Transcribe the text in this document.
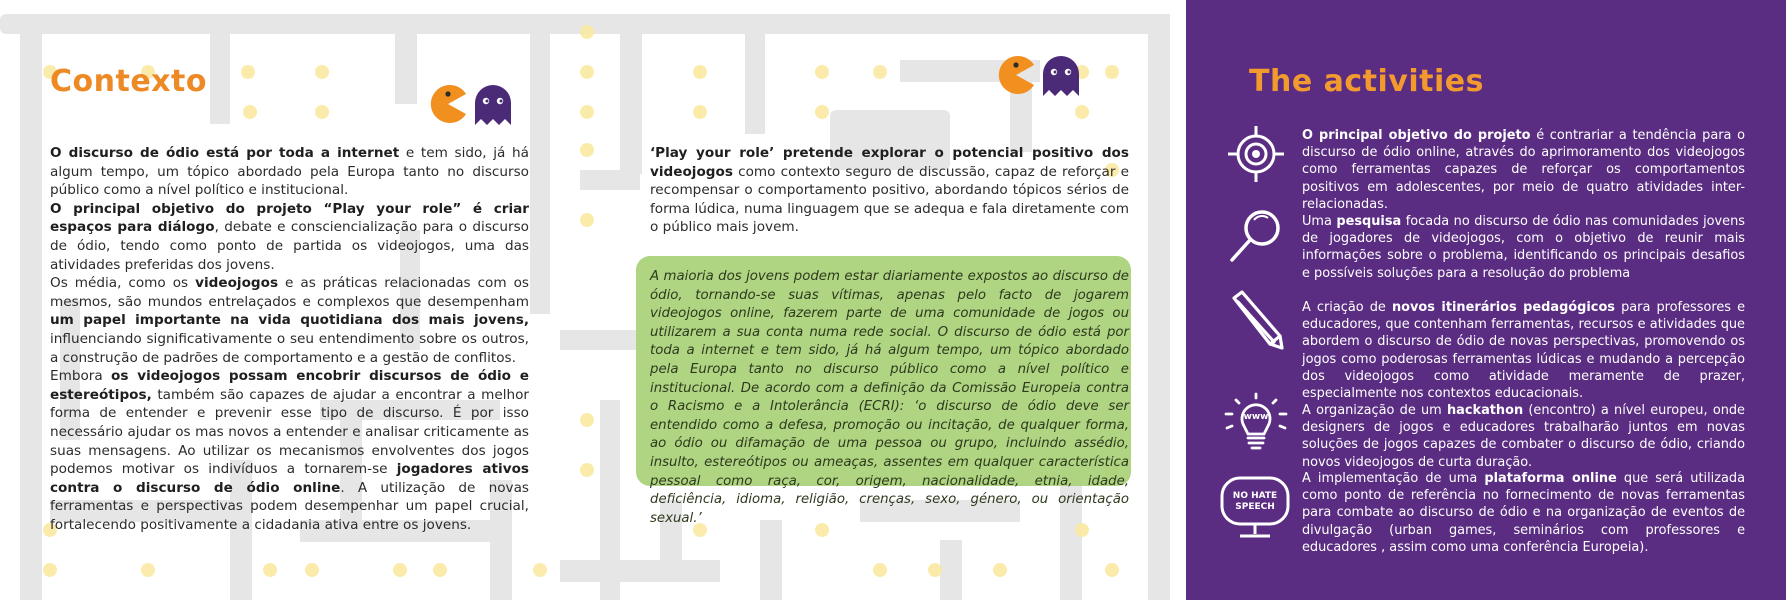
Contexto

O discurso de ódio está por toda a internet e tem sido, já há algum tempo, um tópico abordado pela Europa tanto no discurso público como a nível político e institucional.

O principal objetivo do projeto “Play your role” é criar espaços para diálogo, debate e consciencialização para o discurso de ódio, tendo como ponto de partida os videojogos, uma das atividades preferidas dos jovens.

Os média, como os videojogos e as práticas relacionadas com os mesmos, são mundos entrelaçados e complexos que desempenham um papel importante na vida quotidiana dos mais jovens, influenciando significativamente o seu entendimento sobre os outros, a construção de padrões de comportamento e a gestão de conflitos.

Embora os videojogos possam encobrir discursos de ódio e estereótipos, também são capazes de ajudar a encontrar a melhor forma de entender e prevenir esse tipo de discurso. É por isso necessário ajudar os mas novos a entender e analisar criticamente as suas mensagens. Ao utilizar os mecanismos envolventes dos jogos podemos motivar os indivíduos a tornarem-se jogadores ativos contra o discurso de ódio online. A utilização de novas ferramentas e perspectivas podem desempenhar um papel crucial, fortalecendo positivamente a cidadania ativa entre os jovens.

‘Play your role’ pretende explorar o potencial positivo dos videojogos como contexto seguro de discussão, capaz de reforçar e recompensar o comportamento positivo, abordando tópicos sérios de forma lúdica, numa linguagem que se adequa e fala diretamente com o público mais jovem.

A maioria dos jovens podem estar diariamente expostos ao discurso de ódio, tornando-se suas vítimas, apenas pelo facto de jogarem videojogos online, fazerem parte de uma comunidade de jogos ou utilizarem a sua conta numa rede social. O discurso de ódio está por toda a internet e tem sido, já há algum tempo, um tópico abordado pela Europa tanto no discurso público como a nível político e institucional. De acordo com a definição da Comissão Europeia contra o Racismo e a Intolerância (ECRI): ‘o discurso de ódio deve ser entendido como a defesa, promoção ou incitação, de qualquer forma, ao ódio ou difamação de uma pessoa ou grupo, incluindo assédio, insulto, estereótipos ou ameaças, assentes em qualquer característica pessoal como raça, cor, origem, nacionalidade, etnia, idade, deficiência, idioma, religião, crenças, sexo, género, ou orientação sexual.’

The activities

O principal objetivo do projeto é contrariar a tendência para o discurso de ódio online, através do aprimoramento dos videojogos como ferramentas capazes de reforçar os comportamentos positivos em adolescentes, por meio de quatro atividades inter-relacionadas.

Uma pesquisa focada no discurso de ódio nas comunidades jovens de jogadores de videojogos, com o objetivo de reunir mais informações sobre o problema, identificando os principais desafios e possíveis soluções para a resolução do problema

A criação de novos itinerários pedagógicos para professores e educadores, que contenham ferramentas, recursos e atividades que abordem o discurso de ódio de novas perspectivas, promovendo os jogos como poderosas ferramentas lúdicas e mudando a percepção dos videojogos como atividade meramente de prazer, especialmente nos contextos educacionais.

www	A organização de um hackathon (encontro) a nível europeu, onde designers de jogos e educadores trabalharão juntos em novas soluções de jogos capazes de combater o discurso de ódio, criando novos videojogos de curta duração.

NO HATE
SPEECH

A implementação de uma plataforma online que será utilizada como ponto de referência no fornecimento de novas ferramentas para combate ao discurso de ódio e na organização de eventos de divulgação (urban games, seminários com professores e educadores , assim como uma conferência Europeia).
